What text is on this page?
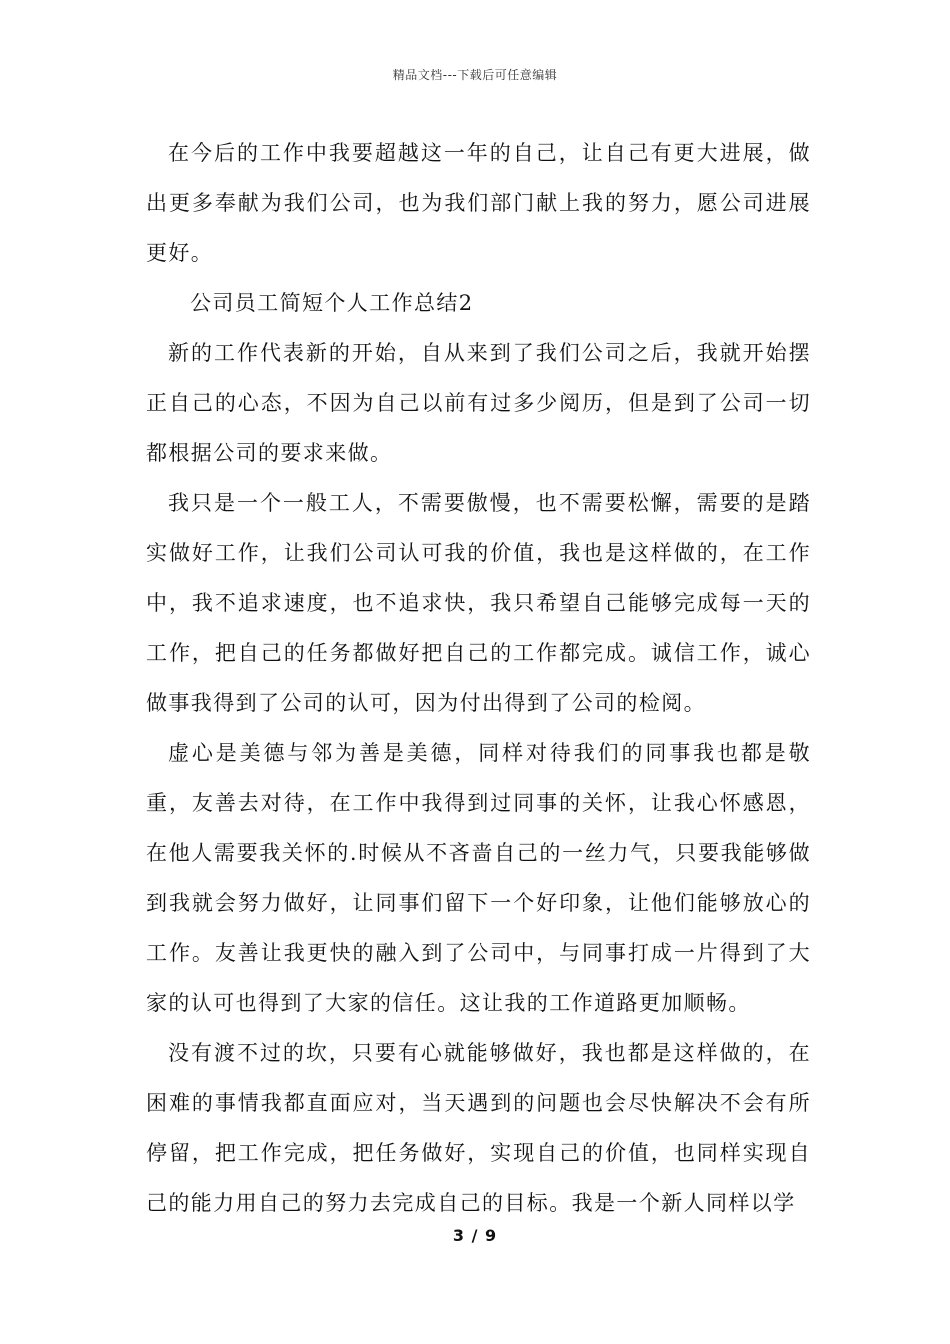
精品文档---下载后可任意编辑

在今后的工作中我要超越这一年的自己，让自己有更大进展，做出更多奉献为我们公司，也为我们部门献上我的努力，愿公司进展更好。

公司员工简短个人工作总结2

新的工作代表新的开始，自从来到了我们公司之后，我就开始摆正自己的心态，不因为自己以前有过多少阅历，但是到了公司一切都根据公司的要求来做。

我只是一个一般工人，不需要傲慢，也不需要松懈，需要的是踏实做好工作，让我们公司认可我的价值，我也是这样做的，在工作中，我不追求速度，也不追求快，我只希望自己能够完成每一天的工作，把自己的任务都做好把自己的工作都完成。诚信工作，诚心做事我得到了公司的认可，因为付出得到了公司的检阅。

虚心是美德与邻为善是美德，同样对待我们的同事我也都是敬重，友善去对待，在工作中我得到过同事的关怀，让我心怀感恩，在他人需要我关怀的.时候从不吝啬自己的一丝力气，只要我能够做到我就会努力做好，让同事们留下一个好印象，让他们能够放心的工作。友善让我更快的融入到了公司中，与同事打成一片得到了大家的认可也得到了大家的信任。这让我的工作道路更加顺畅。

没有渡不过的坎，只要有心就能够做好，我也都是这样做的，在困难的事情我都直面应对，当天遇到的问题也会尽快解决不会有所停留，把工作完成，把任务做好，实现自己的价值，也同样实现自己的能力用自己的努力去完成自己的目标。我是一个新人同样以学

3 / 9
